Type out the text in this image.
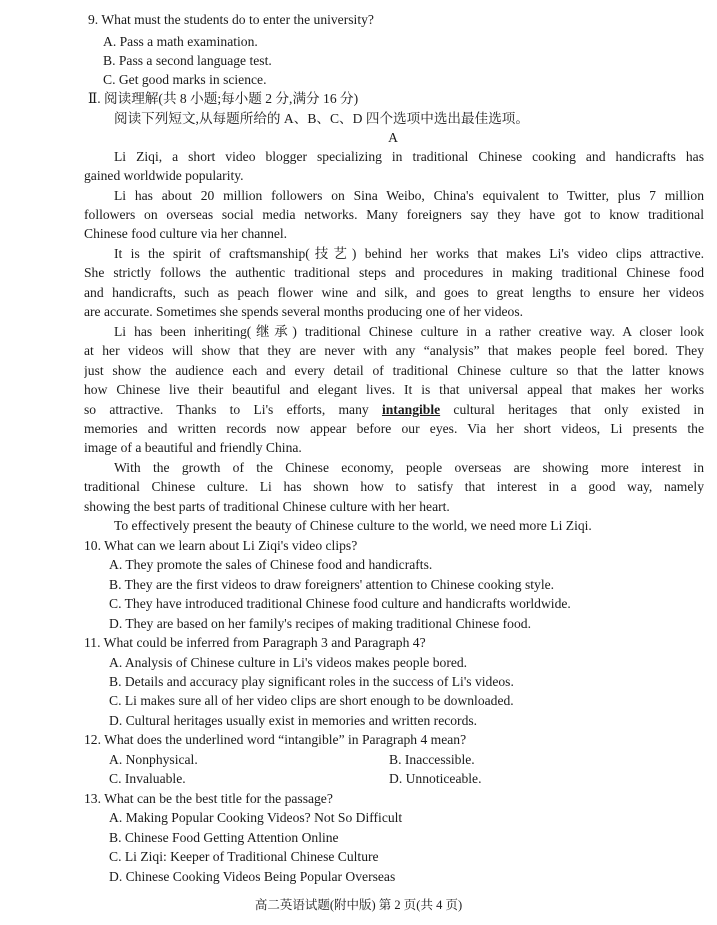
9. What must the students do to enter the university?
A. Pass a math examination.
B. Pass a second language test.
C. Get good marks in science.
Ⅱ. 阅读理解(共 8 小题;每小题 2 分,满分 16 分)
阅读下列短文,从每题所给的 A、B、C、D 四个选项中选出最佳选项。
A
Li Ziqi, a short video blogger specializing in traditional Chinese cooking and handicrafts has
gained worldwide popularity.
Li has about 20 million followers on Sina Weibo, China's equivalent to Twitter, plus 7 million
followers on overseas social media networks. Many foreigners say they have got to know traditional
Chinese food culture via her channel.
It is the spirit of craftsmanship(技艺) behind her works that makes Li's video clips attractive.
She strictly follows the authentic traditional steps and procedures in making traditional Chinese food
and handicrafts, such as peach flower wine and silk, and goes to great lengths to ensure her videos
are accurate. Sometimes she spends several months producing one of her videos.
Li has been inheriting(继承) traditional Chinese culture in a rather creative way. A closer look
at her videos will show that they are never with any “analysis” that makes people feel bored. They
just show the audience each and every detail of traditional Chinese culture so that the latter knows
how Chinese live their beautiful and elegant lives. It is that universal appeal that makes her works
so attractive. Thanks to Li's efforts, many intangible cultural heritages that only existed in
memories and written records now appear before our eyes. Via her short videos, Li presents the
image of a beautiful and friendly China.
With the growth of the Chinese economy, people overseas are showing more interest in
traditional Chinese culture. Li has shown how to satisfy that interest in a good way, namely
showing the best parts of traditional Chinese culture with her heart.
To effectively present the beauty of Chinese culture to the world, we need more Li Ziqi.
10. What can we learn about Li Ziqi's video clips?
A. They promote the sales of Chinese food and handicrafts.
B. They are the first videos to draw foreigners' attention to Chinese cooking style.
C. They have introduced traditional Chinese food culture and handicrafts worldwide.
D. They are based on her family's recipes of making traditional Chinese food.
11. What could be inferred from Paragraph 3 and Paragraph 4?
A. Analysis of Chinese culture in Li's videos makes people bored.
B. Details and accuracy play significant roles in the success of Li's videos.
C. Li makes sure all of her video clips are short enough to be downloaded.
D. Cultural heritages usually exist in memories and written records.
12. What does the underlined word “intangible” in Paragraph 4 mean?
A. Nonphysical.	B. Inaccessible.
C. Invaluable.	D. Unnoticeable.
13. What can be the best title for the passage?
A. Making Popular Cooking Videos? Not So Difficult
B. Chinese Food Getting Attention Online
C. Li Ziqi: Keeper of Traditional Chinese Culture
D. Chinese Cooking Videos Being Popular Overseas
高二英语试题(附中版) 第 2 页(共 4 页)
